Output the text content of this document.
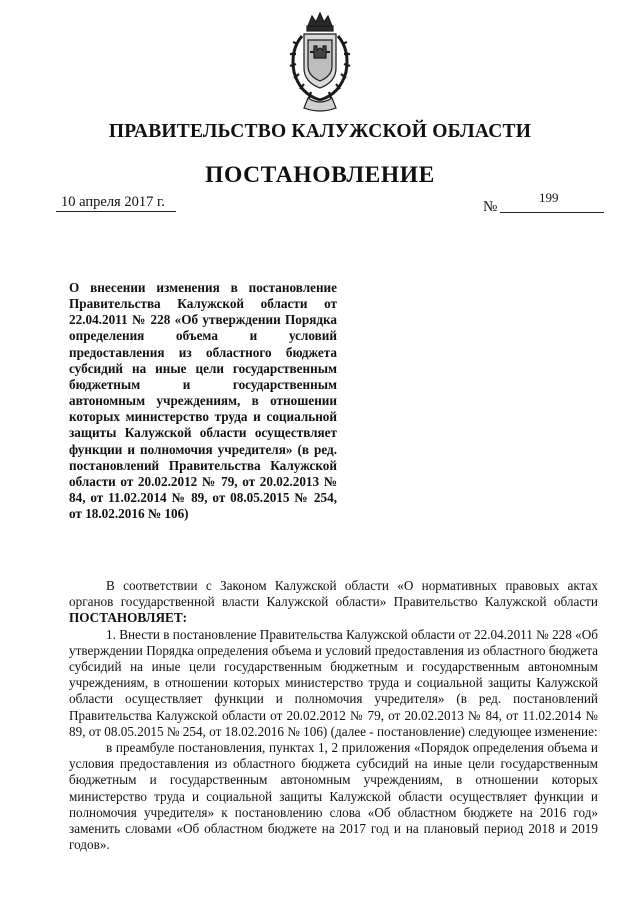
ПРАВИТЕЛЬСТВО КАЛУЖСКОЙ ОБЛАСТИ
ПОСТАНОВЛЕНИЕ
10 апреля 2017 г.	№
199
О внесении изменения в постановление Правительства Калужской области от 22.04.2011 № 228 «Об утверждении Порядка определения объема и условий предоставления из областного бюджета субсидий на иные цели государственным бюджетным и государственным автономным учреждениям, в отношении которых министерство труда и социальной защиты Калужской области осуществляет функции и полномочия учредителя» (в ред. постановлений Правительства Калужской области от 20.02.2012 № 79, от 20.02.2013 № 84, от 11.02.2014 № 89, от 08.05.2015 № 254, от 18.02.2016 № 106)

В соответствии с Законом Калужской области «О нормативных правовых актах органов государственной власти Калужской области» Правительство Калужской области ПОСТАНОВЛЯЕТ:

1. Внести в постановление Правительства Калужской области от 22.04.2011 № 228 «Об утверждении Порядка определения объема и условий предоставления из областного бюджета субсидий на иные цели государственным бюджетным и государственным автономным учреждениям, в отношении которых министерство труда и социальной защиты Калужской области осуществляет функции и полномочия учредителя» (в ред. постановлений Правительства Калужской области от 20.02.2012 № 79, от 20.02.2013 № 84, от 11.02.2014 № 89, от 08.05.2015 № 254, от 18.02.2016 № 106) (далее - постановление) следующее изменение:

в преамбуле постановления, пунктах 1, 2 приложения «Порядок определения объема и условия предоставления из областного бюджета субсидий на иные цели государственным бюджетным и государственным автономным учреждениям, в отношении которых министерство труда и социальной защиты Калужской области осуществляет функции и полномочия учредителя» к постановлению слова «Об областном бюджете на 2016 год» заменить словами «Об областном бюджете на 2017 год и на плановый период 2018 и 2019 годов».
